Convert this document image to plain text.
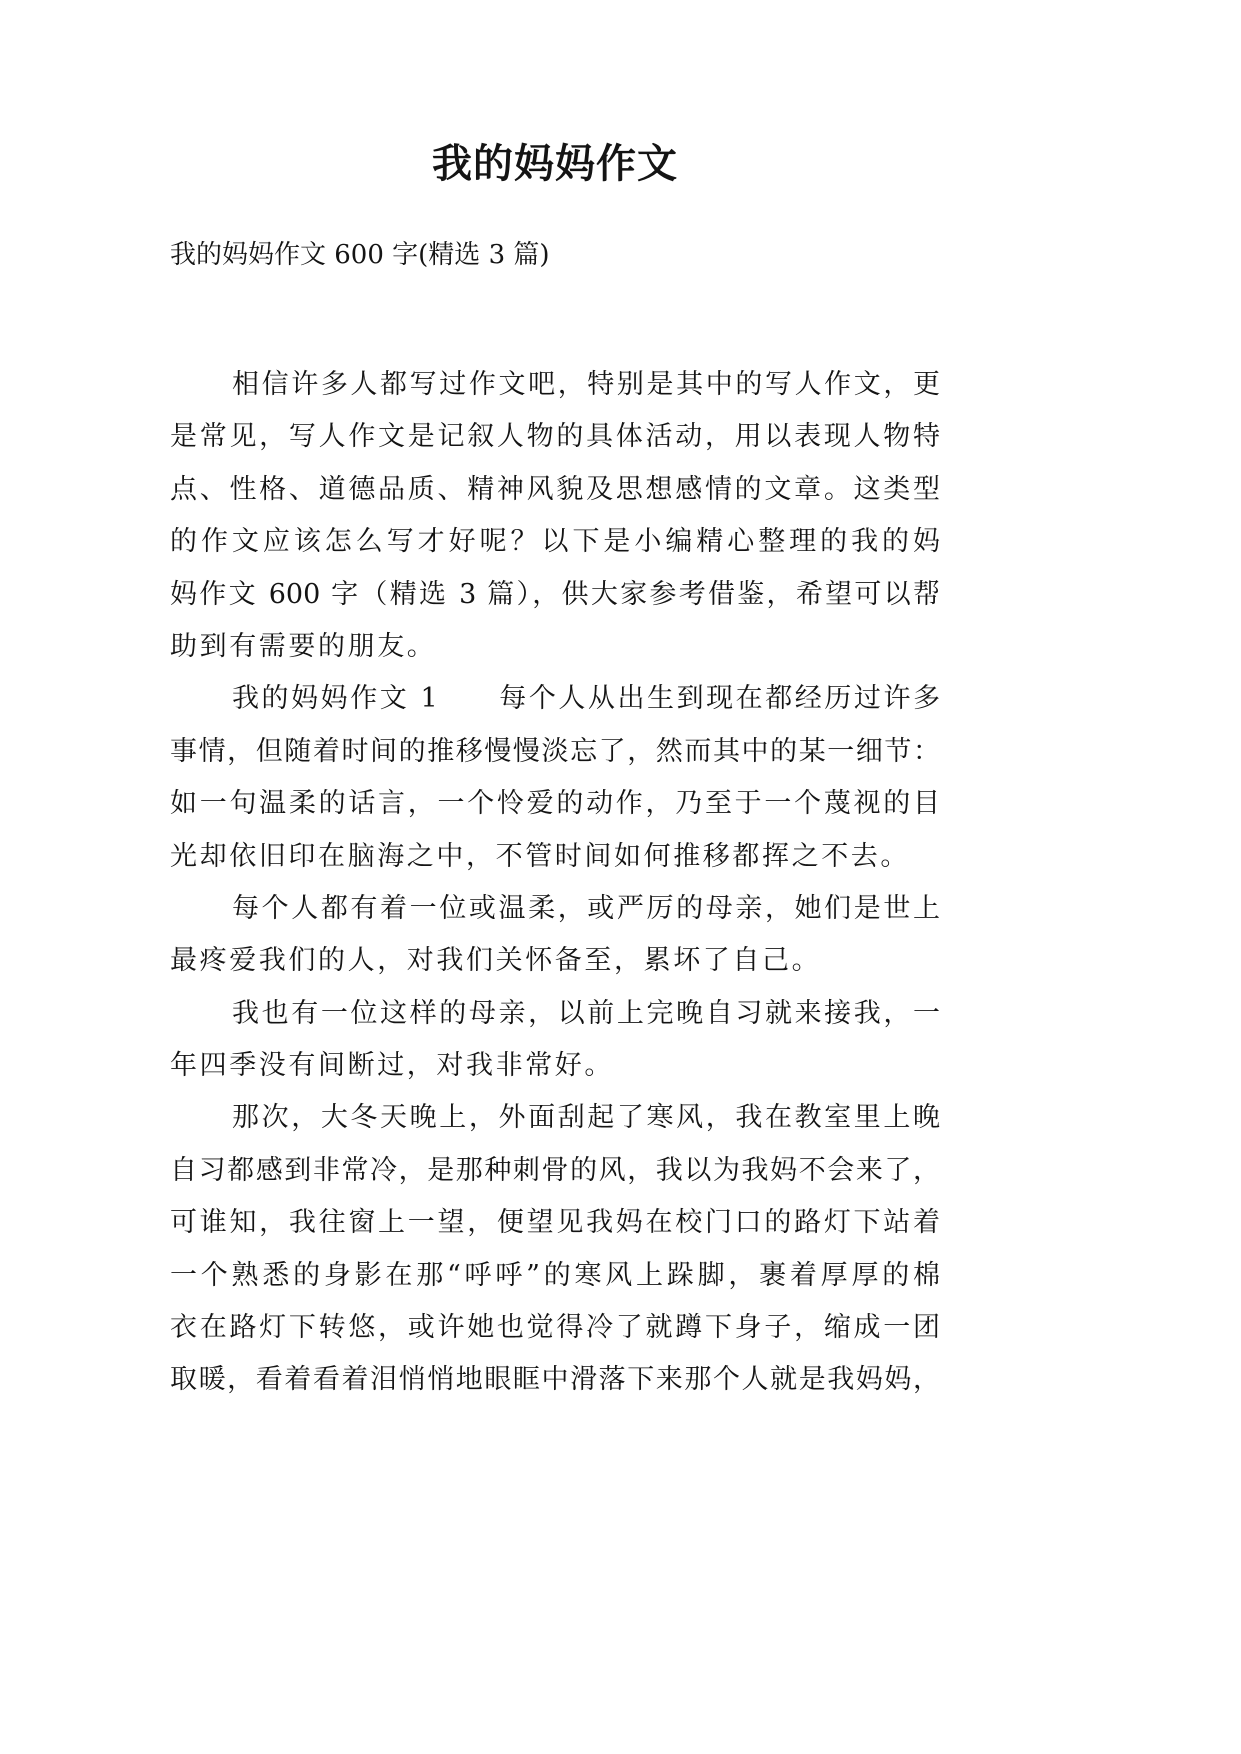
我的妈妈作文
我的妈妈作文 600 字(精选 3 篇)
相信许多人都写过作文吧，特别是其中的写人作文，更
是常见，写人作文是记叙人物的具体活动，用以表现人物特
点、性格、道德品质、精神风貌及思想感情的文章。这类型
的作文应该怎么写才好呢？以下是小编精心整理的我的妈
妈作文 600 字（精选 3 篇），供大家参考借鉴，希望可以帮
助到有需要的朋友。
我的妈妈作文 1　　每个人从出生到现在都经历过许多
事情，但随着时间的推移慢慢淡忘了，然而其中的某一细节：
如一句温柔的话言，一个怜爱的动作，乃至于一个蔑视的目
光却依旧印在脑海之中，不管时间如何推移都挥之不去。
每个人都有着一位或温柔，或严厉的母亲，她们是世上
最疼爱我们的人，对我们关怀备至，累坏了自己。
我也有一位这样的母亲，以前上完晚自习就来接我，一
年四季没有间断过，对我非常好。
那次，大冬天晚上，外面刮起了寒风，我在教室里上晚
自习都感到非常冷，是那种刺骨的风，我以为我妈不会来了，
可谁知，我往窗上一望，便望见我妈在校门口的路灯下站着
一个熟悉的身影在那“呼呼”的寒风上跺脚，裹着厚厚的棉
衣在路灯下转悠，或许她也觉得冷了就蹲下身子，缩成一团
取暖，看着看着泪悄悄地眼眶中滑落下来那个人就是我妈妈，
